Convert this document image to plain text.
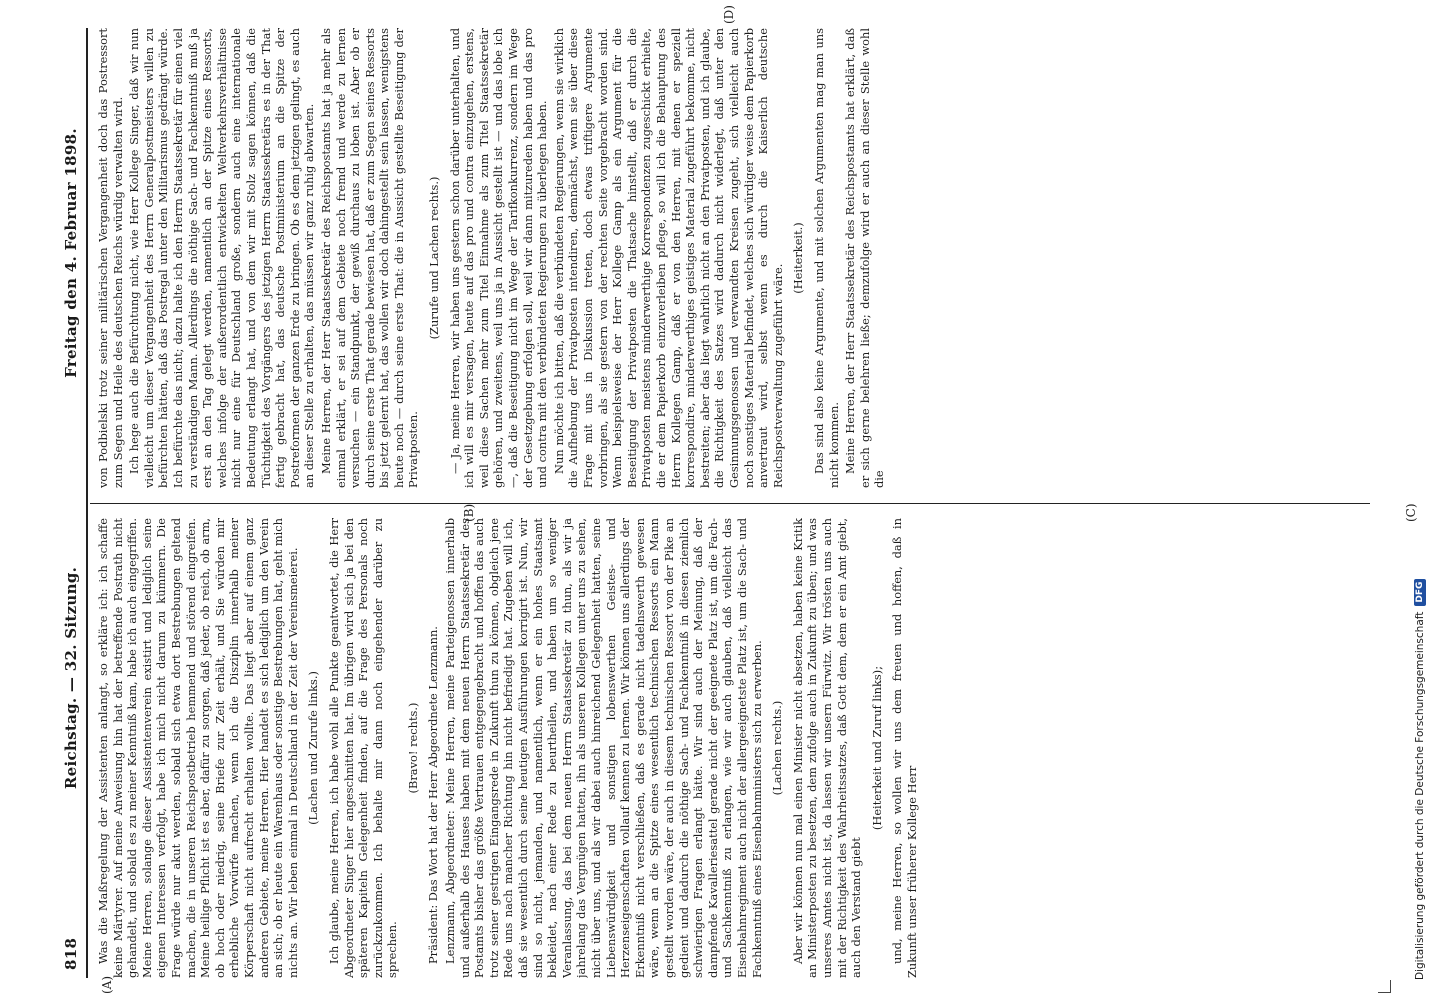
818
Reichstag. — 32. Sitzung.
Freitag den 4. Februar 1898.
(A)
(B)	(C)
(D)

Was die Maßregelung der Assistenten anlangt, so erkläre ich: ich schaffe keine Märtyrer. Auf meine Anweisung hin hat der betreffende Postrath nicht gehandelt, und sobald es zu meiner Kenntniß kam, habe ich auch eingegriffen. Meine Herren, solange dieser Assistentenverein existirt und lediglich seine eigenen Interessen verfolgt, habe ich mich nicht darum zu kümmern. Die Frage würde nur akut werden, sobald sich etwa dort Bestrebungen geltend machen, die in unseren Reichspostbetrieb hemmend und störend eingreifen. Meine heilige Pflicht ist es aber, dafür zu sorgen, daß jeder, ob reich, ob arm, ob hoch oder niedrig, seine Briefe zur Zeit erhält, und Sie würden mir erhebliche Vorwürfe machen, wenn ich die Disziplin innerhalb meiner Körperschaft nicht aufrecht erhalten wollte. Das liegt aber auf einem ganz anderen Gebiete, meine Herren. Hier handelt es sich lediglich um den Verein an sich; ob er heute ein Warenhaus oder sonstige Bestrebungen hat, geht mich nichts an. Wir leben einmal in Deutschland in der Zeit der Vereinsmeierei. (Lachen und Zurufe links.) Ich glaube, meine Herren, ich habe wohl alle Punkte geantwortet, die Herr Abgeordneter Singer hier angeschnitten hat. Im übrigen wird sich ja bei den späteren Kapiteln Gelegenheit finden, auf die Frage des Personals noch zurückzukommen. Ich behalte mir dann noch eingehender darüber zu sprechen.

(Bravo! rechts.) Präsident: Das Wort hat der Herr Abgeordnete Lenzmann. Lenzmann, Abgeordneter: Meine Herren, meine Parteigenossen innerhalb und außerhalb des Hauses haben mit dem neuen Herrn Staatssekretär des Postamts bisher das größte Vertrauen entgegengebracht und hoffen das auch trotz seiner gestrigen Eingangsrede in Zukunft thun zu können, obgleich jene Rede uns nach mancher Richtung hin nicht befriedigt hat. Zugeben will ich, daß sie wesentlich durch seine heutigen Ausführungen korrigirt ist. Nun, wir sind so nicht, jemanden, und namentlich, wenn er ein hohes Staatsamt bekleidet, nach einer Rede zu beurtheilen, und haben um so weniger Veranlassung, das bei dem neuen Herrn Staatssekretär zu thun, als wir ja jahrelang das Vergnügen hatten, ihn als unseren Kollegen unter uns zu sehen, nicht über uns, und als wir dabei auch hinreichend Gelegenheit hatten, seine Liebenswürdigkeit und sonstigen lobenswerthen Geistes- und Herzenseigenschaften vollauf kennen zu lernen. Wir können uns allerdings der Erkenntniß nicht verschließen, daß es gerade nicht tadelnswerth gewesen wäre, wenn an die Spitze eines wesentlich technischen Ressorts ein Mann gestellt worden wäre, der auch in diesem technischen Ressort von der Pike an gedient und dadurch die nöthige Sach- und Fachkenntniß in diesen ziemlich schwierigen Fragen erlangt hätte. Wir sind auch der Meinung, daß der dampfende Kavalleriesattel gerade nicht der geeignete Platz ist, um die Fach- und Sachkenntniß zu erlangen, wie wir auch glauben, daß vielleicht das Eisenbahnregiment auch nicht der allergeeignetste Platz ist, um die Sach- und Fachkenntniß eines Eisenbahnministers sich zu erwerben. (Lachen rechts.) Aber wir können nun mal einen Minister nicht absetzen, haben keine Kritik an Ministerposten zu besetzen, dem zufolge auch in Zukunft zu üben; und was unseres Amtes nicht ist, da lassen wir unsern Fürwitz. Wir trösten uns auch mit der Richtigkeit des Wahrheitssatzes, daß Gott dem, dem er ein Amt giebt, auch den Verstand giebt

(Heiterkeit und Zuruf links); und, meine Herren, so wollen wir uns dem freuen und hoffen, daß in Zukunft unser früherer Kollege Herr

von Podbielski trotz seiner militärischen Vergangenheit doch das Postressort zum Segen und Heile des deutschen Reichs würdig verwalten wird. Ich hege auch die Befürchtung nicht, wie Herr Kollege Singer, daß wir nun vielleicht um dieser Vergangenheit des Herrn Generalpostmeisters willen zu befürchten hätten, daß das Postregal unter den Militarismus gedrängt würde. Ich befürchte das nicht; dazu halte ich den Herrn Staatssekretär für einen viel zu verständigen Mann. Allerdings die nöthige Sach- und Fachkenntniß muß ja erst an den Tag gelegt werden, namentlich an der Spitze eines Ressorts, welches infolge der außerordentlich entwickelten Weltverkehrsverhältnisse nicht nur eine für Deutschland große, sondern auch eine internationale Bedeutung erlangt hat, und von dem wir mit Stolz sagen können, daß die Tüchtigkeit des Vorgängers des jetzigen Herrn Staatssekretärs es in der That fertig gebracht hat, das deutsche Postministerium an die Spitze der Postreformen der ganzen Erde zu bringen. Ob es dem jetzigen gelingt, es auch an dieser Stelle zu erhalten, das müssen wir ganz ruhig abwarten. Meine Herren, der Herr Staatssekretär des Reichspostamts hat ja mehr als einmal erklärt, er sei auf dem Gebiete noch fremd und werde zu lernen versuchen — ein Standpunkt, der gewiß durchaus zu loben ist. Aber ob er durch seine erste That gerade bewiesen hat, daß er zum Segen seines Ressorts bis jetzt gelernt hat, das wollen wir doch dahingestellt sein lassen, wenigstens heute noch — durch seine erste That: die in Aussicht gestellte Beseitigung der Privatposten.

(Zurufe und Lachen rechts.) — Ja, meine Herren, wir haben uns gestern schon darüber unterhalten, und ich will es mir versagen, heute auf das pro und contra einzugehen, erstens, weil diese Sachen mehr zum Titel Einnahme als zum Titel Staatssekretär gehören, und zweitens, weil uns ja in Aussicht gestellt ist — und das lobe ich —, daß die Beseitigung nicht im Wege der Tarifkonkurrenz, sondern im Wege der Gesetzgebung erfolgen soll, weil wir dann mitzureden haben und das pro und contra mit den verbündeten Regierungen zu überlegen haben. Nun möchte ich bitten, daß die verbündeten Regierungen, wenn sie wirklich die Aufhebung der Privatposten intendiren, demnächst, wenn sie über diese Frage mit uns in Diskussion treten, doch etwas triftigere Argumente vorbringen, als sie gestern von der rechten Seite vorgebracht worden sind. Wenn beispielsweise der Herr Kollege Gamp als ein Argument für die Beseitigung der Privatposten die Thatsache hinstellt, daß er durch die Privatposten meistens minderwerthige Korrespondenzen zugeschickt erhielte, die er dem Papierkorb einzuverleiben pflege, so will ich die Behauptung des Herrn Kollegen Gamp, daß er von den Herren, mit denen er speziell korrespondire, minderwerthiges geistiges Material zugeführt bekomme, nicht bestreiten; aber das liegt wahrlich nicht an den Privatposten, und ich glaube, die Richtigkeit des Satzes wird dadurch nicht widerlegt, daß unter den Gesinnungsgenossen und verwandten Kreisen zugeht, sich vielleicht auch noch sonstiges Material befindet, welches sich würdiger weise dem Papierkorb anvertraut wird, selbst wenn es durch die Kaiserlich deutsche Reichspostverwaltung zugeführt wäre.

(Heiterkeit.) Das sind also keine Argumente, und mit solchen Argumenten mag man uns nicht kommen. Meine Herren, der Herr Staatssekretär des Reichspostamts hat erklärt, daß er sich gerne belehren ließe; demzufolge wird er auch an dieser Stelle wohl die

Digitalisierung gefördert durch die Deutsche Forschungsgemeinschaft
DFG
